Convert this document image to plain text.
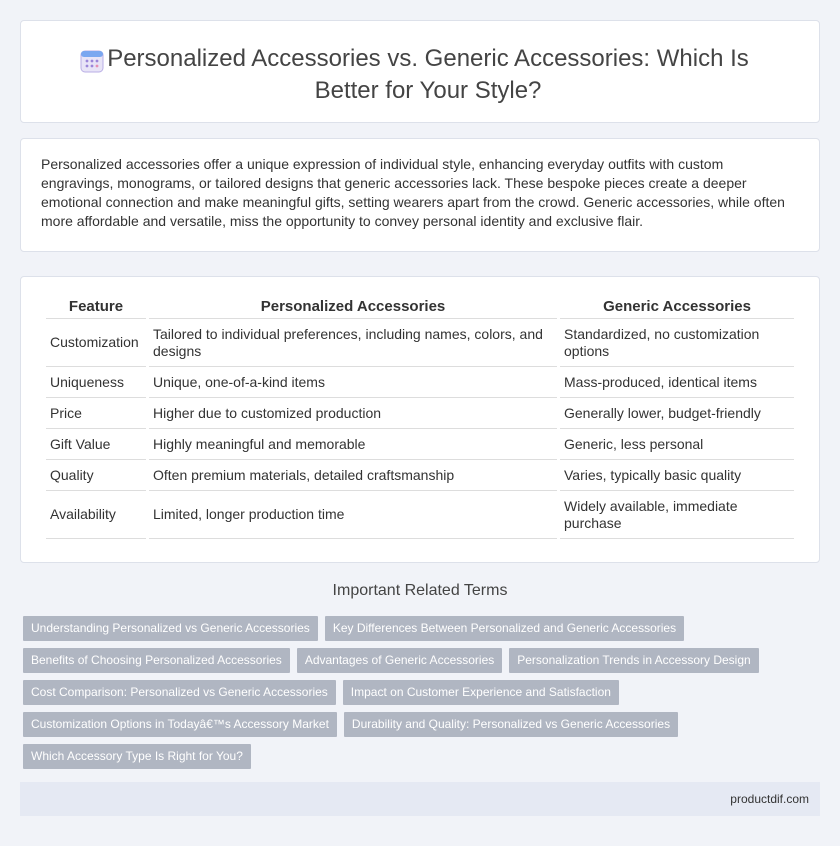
Personalized Accessories vs. Generic Accessories: Which Is Better for Your Style?

Personalized accessories offer a unique expression of individual style, enhancing everyday outfits with custom engravings, monograms, or tailored designs that generic accessories lack. These bespoke pieces create a deeper emotional connection and make meaningful gifts, setting wearers apart from the crowd. Generic accessories, while often more affordable and versatile, miss the opportunity to convey personal identity and exclusive flair.

Feature	Personalized Accessories	Generic Accessories
Customization	Tailored to individual preferences, including names, colors, and designs	Standardized, no customization options
Uniqueness	Unique, one-of-a-kind items	Mass-produced, identical items
Price	Higher due to customized production	Generally lower, budget-friendly
Gift Value	Highly meaningful and memorable	Generic, less personal
Quality	Often premium materials, detailed craftsmanship	Varies, typically basic quality
Availability	Limited, longer production time	Widely available, immediate purchase
Important Related Terms
Understanding Personalized vs Generic Accessories	Key Differences Between Personalized and Generic Accessories
Benefits of Choosing Personalized Accessories	Advantages of Generic Accessories	Personalization Trends in Accessory Design
Cost Comparison: Personalized vs Generic Accessories	Impact on Customer Experience and Satisfaction
Customization Options in Todayâ€™s Accessory Market	Durability and Quality: Personalized vs Generic Accessories
Which Accessory Type Is Right for You?
productdif.com
